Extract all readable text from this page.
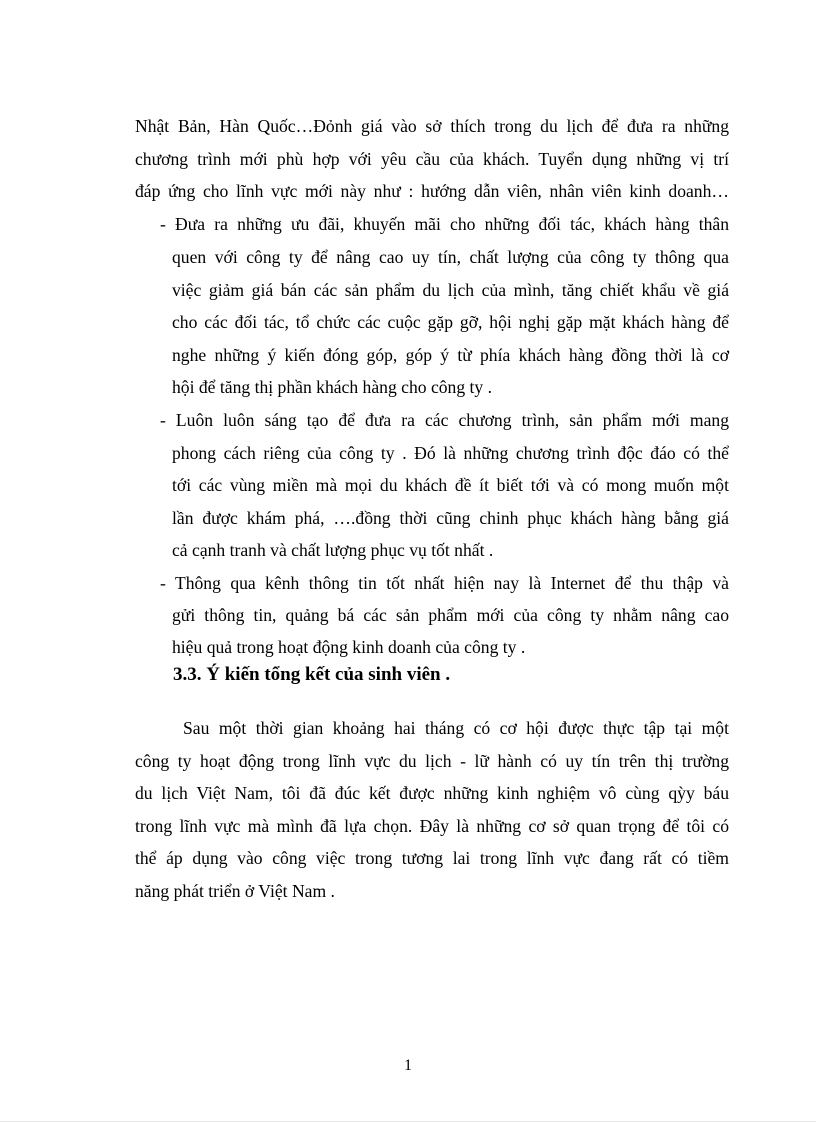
Nhật Bản, Hàn Quốc…Đỏnh giá vào sở thích trong du lịch để đưa ra những
chương trình mới phù hợp với yêu cầu của khách. Tuyển dụng những vị trí
đáp ứng cho lĩnh vực mới này như : hướng dẫn viên, nhân viên kinh doanh…
- Đưa ra những ưu đãi, khuyến mãi cho những đối tác, khách hàng thân
quen với công ty để nâng cao uy tín, chất lượng của công ty thông qua
việc giảm giá bán các sản phẩm du lịch của mình, tăng chiết khẩu về giá
cho các đối tác, tổ chức các cuộc gặp gỡ, hội nghị gặp mặt khách hàng để
nghe những ý kiến đóng góp, góp ý từ phía khách hàng đồng thời là cơ
hội để tăng thị phần khách hàng cho công ty .
- Luôn luôn sáng tạo để đưa ra các chương trình, sản phẩm mới mang
phong cách riêng của công ty . Đó là những chương trình độc đáo có thể
tới các vùng miền mà mọi du khách đề ít biết tới và có mong muốn một
lần được khám phá, ….đồng thời cũng chinh phục khách hàng bằng giá
cả cạnh tranh và chất lượng phục vụ tốt nhất .
- Thông qua kênh thông tin tốt nhất hiện nay là Internet để thu thập và
gửi thông tin, quảng bá các sản phẩm mới của công ty nhằm nâng cao
hiệu quả trong hoạt động kinh doanh của công ty .
3.3. Ý kiến tổng kết của sinh viên .
Sau một thời gian khoảng hai tháng có cơ hội được thực tập tại một
công ty hoạt động trong lĩnh vực du lịch - lữ hành có uy tín trên thị trường
du lịch Việt Nam, tôi đã đúc kết được những kinh nghiệm vô cùng qỳy báu
trong lĩnh vực mà mình đã lựa chọn. Đây là những cơ sở quan trọng để tôi có
thể áp dụng vào công việc trong tương lai trong lĩnh vực đang rất có tiềm
năng phát triển ở Việt Nam .
1
